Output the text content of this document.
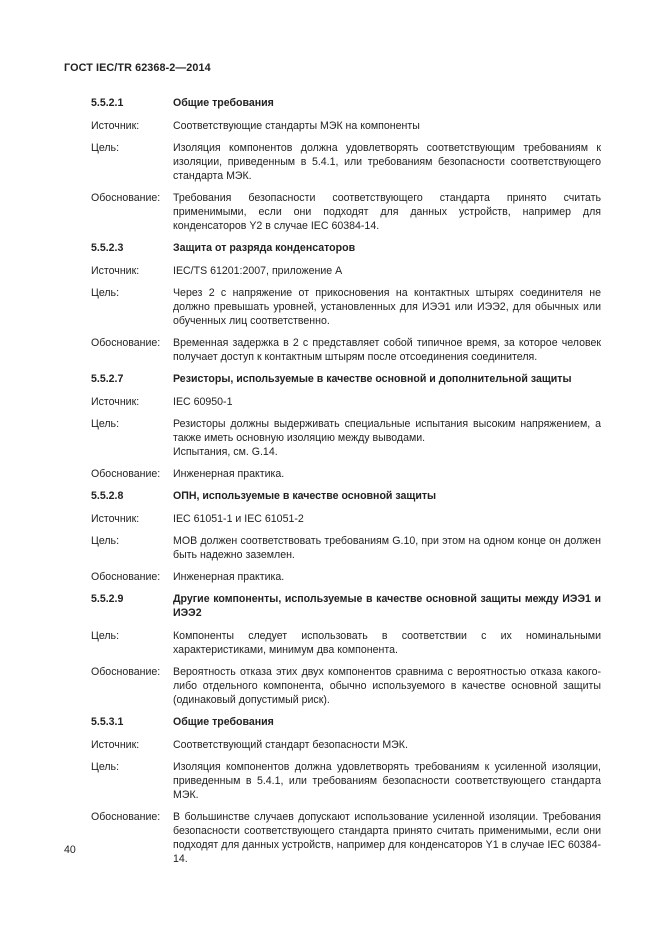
ГОСТ IEC/TR 62368-2—2014
5.5.2.1	Общие требования
Источник:	Соответствующие стандарты МЭК на компоненты
Цель:	Изоляция компонентов должна удовлетворять соответствующим требованиям к изоляции, приведенным в 5.4.1, или требованиям безопасности соответствующего стандарта МЭК.
Обоснование:	Требования безопасности соответствующего стандарта принято считать применимыми, если они подходят для данных устройств, например для конденсаторов Y2 в случае IEC 60384-14.
5.5.2.3	Защита от разряда конденсаторов
Источник:	IEC/TS 61201:2007, приложение А
Цель:	Через 2 с напряжение от прикосновения на контактных штырях соединителя не должно превышать уровней, установленных для ИЭЭ1 или ИЭЭ2, для обычных или обученных лиц соответственно.
Обоснование:	Временная задержка в 2 с представляет собой типичное время, за которое человек получает доступ к контактным штырям после отсоединения соединителя.
5.5.2.7	Резисторы, используемые в качестве основной и дополнительной защиты
Источник:	IEC 60950-1
Цель:	Резисторы должны выдерживать специальные испытания высоким напряжением, а также иметь основную изоляцию между выводами.
Испытания, см. G.14.
Обоснование:	Инженерная практика.
5.5.2.8	ОПН, используемые в качестве основной защиты
Источник:	IEC 61051-1 и IEC 61051-2
Цель:	MOB должен соответствовать требованиям G.10, при этом на одном конце он должен быть надежно заземлен.
Обоснование:	Инженерная практика.
5.5.2.9	Другие компоненты, используемые в качестве основной защиты между ИЭЭ1 и ИЭЭ2
Цель:	Компоненты следует использовать в соответствии с их номинальными характеристиками, минимум два компонента.
Обоснование:	Вероятность отказа этих двух компонентов сравнима с вероятностью отказа какого-либо отдельного компонента, обычно используемого в качестве основной защиты (одинаковый допустимый риск).
5.5.3.1	Общие требования
Источник:	Соответствующий стандарт безопасности МЭК.
Цель:	Изоляция компонентов должна удовлетворять требованиям к усиленной изоляции, приведенным в 5.4.1, или требованиям безопасности соответствующего стандарта МЭК.
Обоснование:	В большинстве случаев допускают использование усиленной изоляции. Требования безопасности соответствующего стандарта принято считать применимыми, если они подходят для данных устройств, например для конденсаторов Y1 в случае IEC 60384-14.
40
